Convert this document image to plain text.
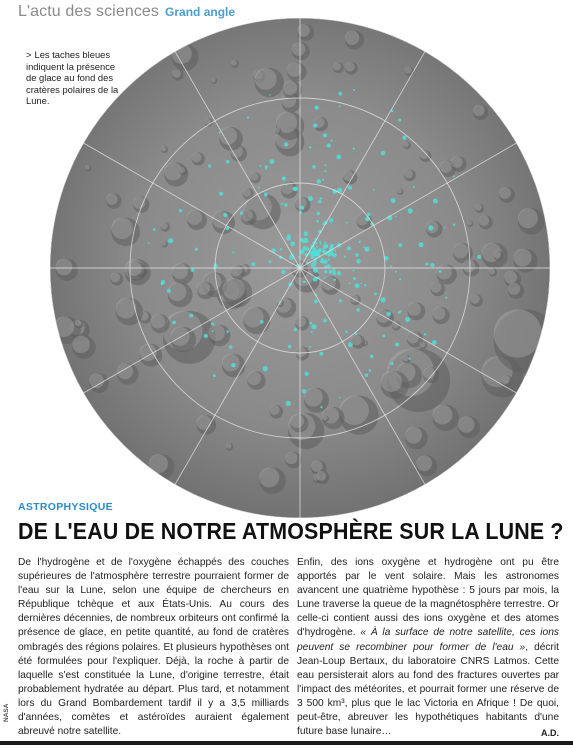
L'actu des sciences Grand angle
> Les taches bleues indiquent la présence de glace au fond des cratères polaires de la Lune.
ASTROPHYSIQUE
DE L'EAU DE NOTRE ATMOSPHÈRE SUR LA LUNE ?
De l'hydrogène et de l'oxygène échappés des couches supérieures de l'atmosphère terrestre pourraient former de l'eau sur la Lune, selon une équipe de chercheurs en République tchèque et aux États-Unis. Au cours des dernières décennies, de nombreux orbiteurs ont confirmé la présence de glace, en petite quantité, au fond de cratères ombragés des régions polaires. Et plusieurs hypothèses ont été formulées pour l'expliquer. Déjà, la roche à partir de laquelle s'est constituée la Lune, d'origine terrestre, était probablement hydratée au départ. Plus tard, et notamment lors du Grand Bombardement tardif il y a 3,5 milliards d'années, comètes et astéroïdes auraient également abreuvé notre satellite.
Enfin, des ions oxygène et hydrogène ont pu être apportés par le vent solaire. Mais les astronomes avancent une quatrième hypothèse : 5 jours par mois, la Lune traverse la queue de la magnétosphère terrestre. Or celle-ci contient aussi des ions oxygène et des atomes d'hydrogène. « À la surface de notre satellite, ces ions peuvent se recombiner pour former de l'eau », décrit Jean-Loup Bertaux, du laboratoire CNRS Latmos. Cette eau persisterait alors au fond des fractures ouvertes par l'impact des météorites, et pourrait former une réserve de 3 500 km³, plus que le lac Victoria en Afrique ! De quoi, peut-être, abreuver les hypothétiques habitants d'une future base lunaire…	A.D.
NASA
